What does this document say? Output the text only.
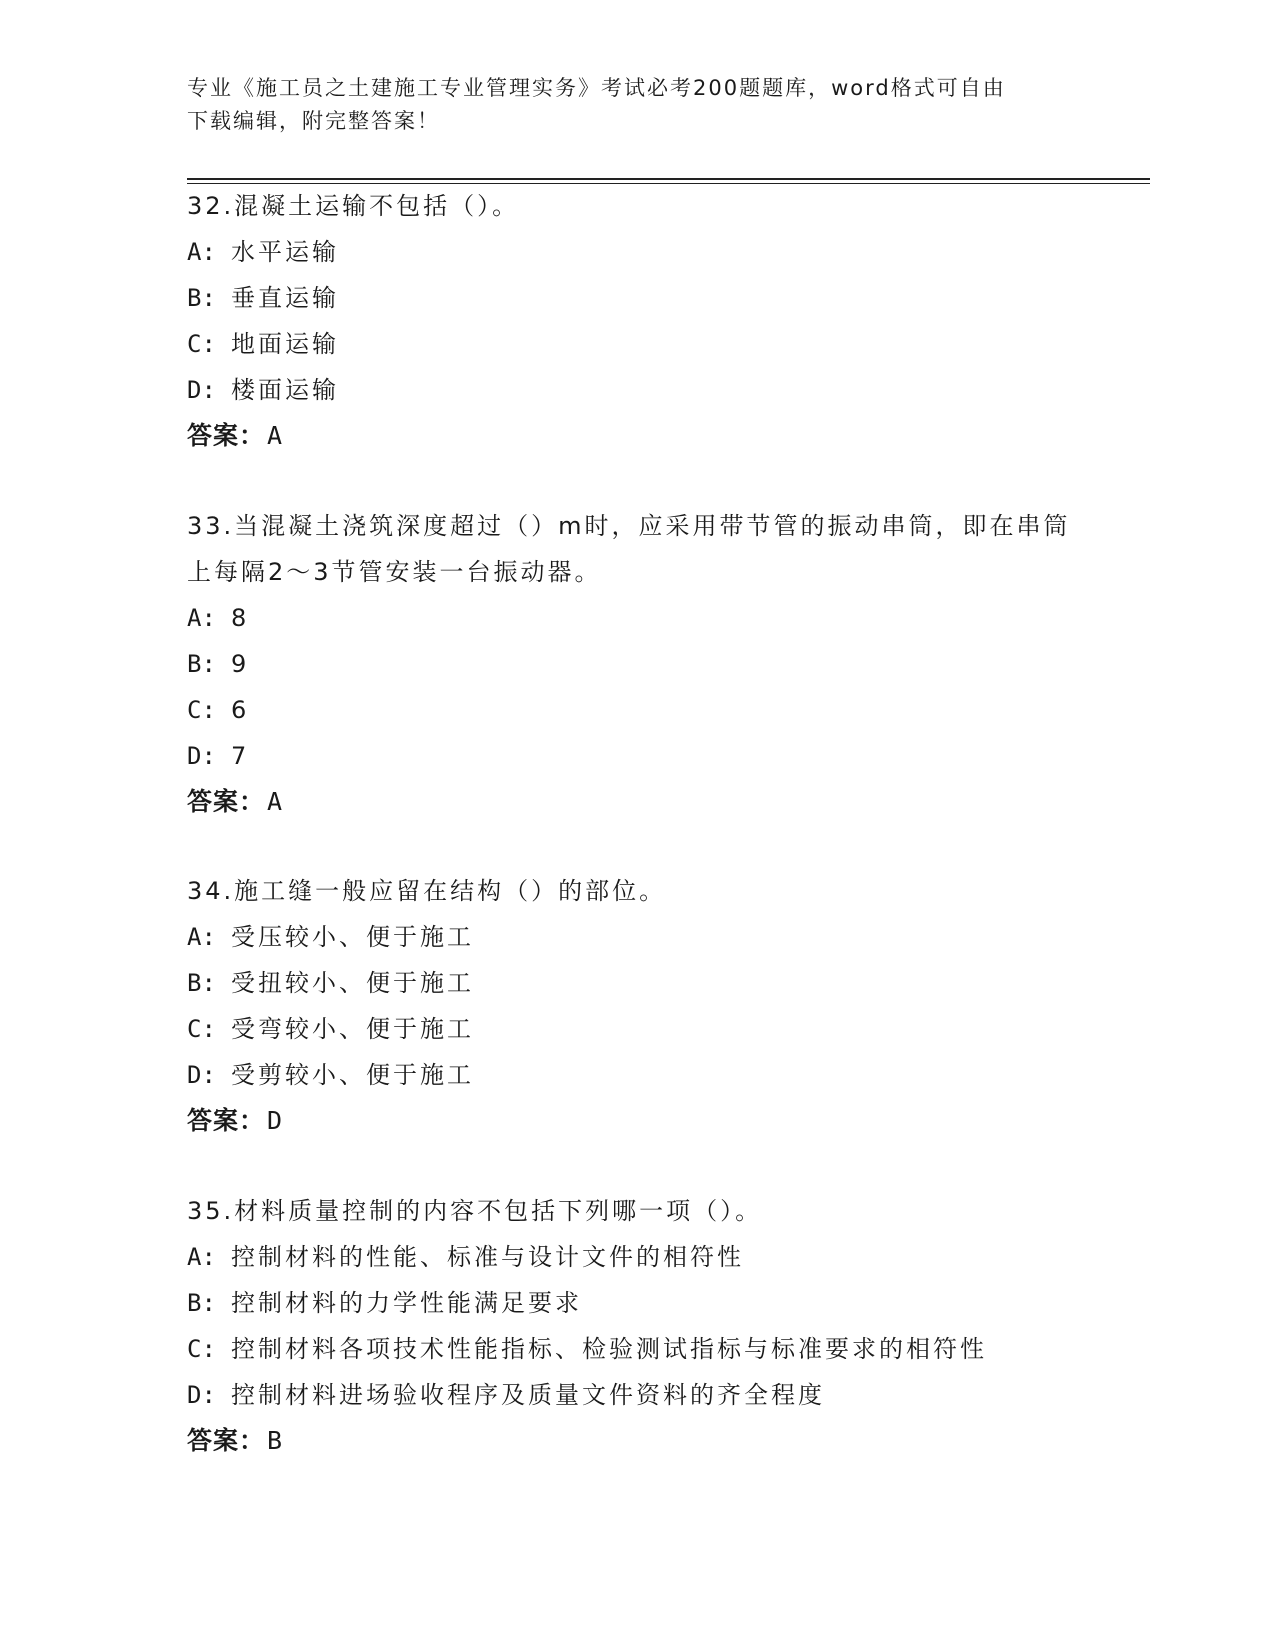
专业《施工员之土建施工专业管理实务》考试必考200题题库，word格式可自由
下载编辑，附完整答案！

32.混凝土运输不包括（）。

A: 水平运输

B: 垂直运输

C: 地面运输

D: 楼面运输

答案：A

33.当混凝土浇筑深度超过（）m时，应采用带节管的振动串筒，即在串筒上每隔2～3节管安装一台振动器。

A: 8

B: 9

C: 6

D: 7

答案：A

34.施工缝一般应留在结构（）的部位。

A: 受压较小、便于施工

B: 受扭较小、便于施工

C: 受弯较小、便于施工

D: 受剪较小、便于施工

答案：D

35.材料质量控制的内容不包括下列哪一项（）。

A: 控制材料的性能、标准与设计文件的相符性

B: 控制材料的力学性能满足要求

C: 控制材料各项技术性能指标、检验测试指标与标准要求的相符性

D: 控制材料进场验收程序及质量文件资料的齐全程度

答案：B
